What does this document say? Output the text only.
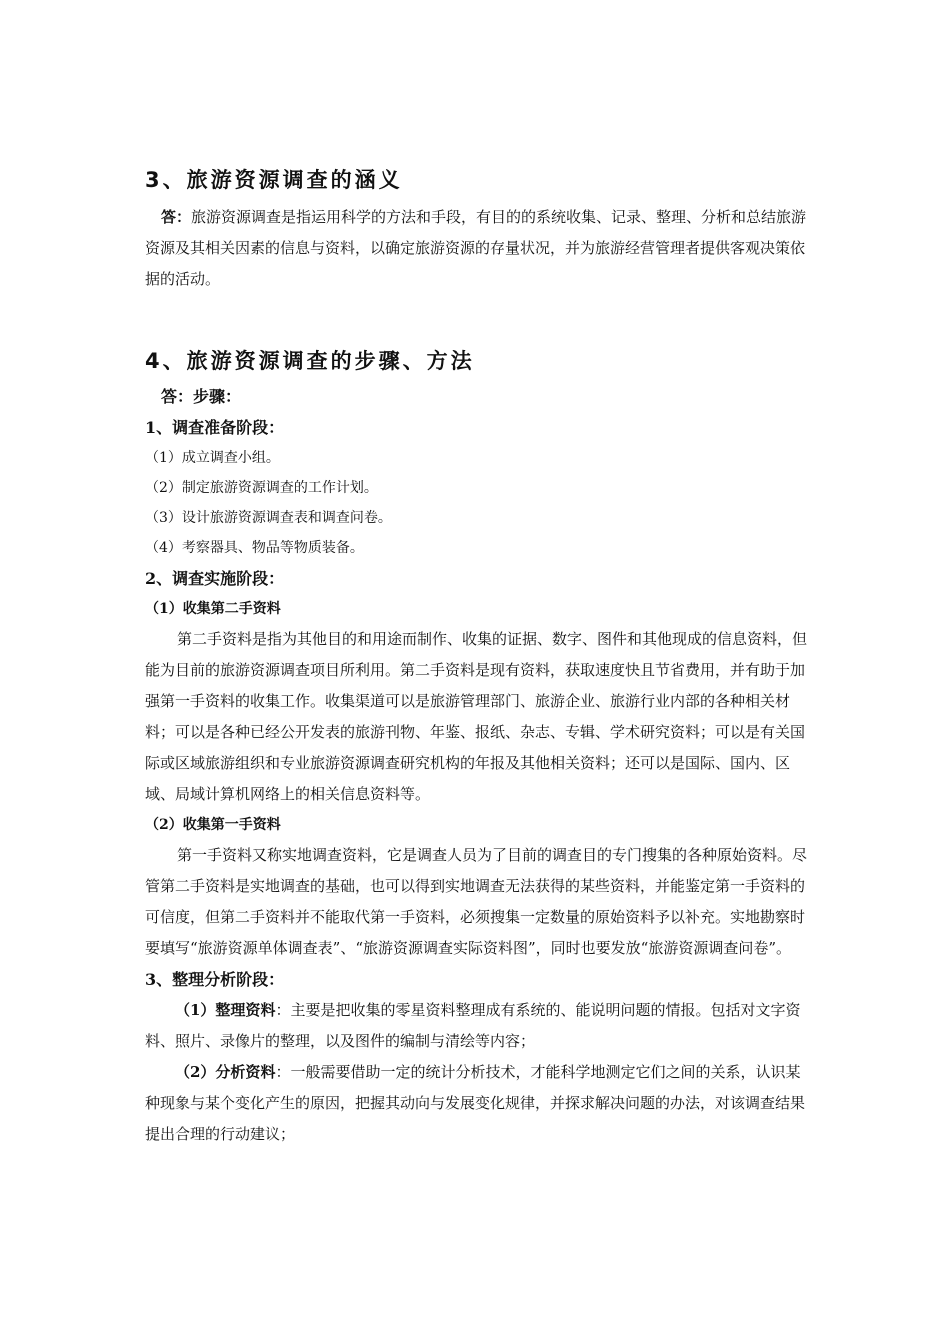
3、旅游资源调查的涵义

答：旅游资源调查是指运用科学的方法和手段，有目的的系统收集、记录、整理、分析和总结旅游资源及其相关因素的信息与资料，以确定旅游资源的存量状况，并为旅游经营管理者提供客观决策依据的活动。

4、旅游资源调查的步骤、方法

答：步骤：

1、调查准备阶段：

（1）成立调查小组。

（2）制定旅游资源调查的工作计划。

（3）设计旅游资源调查表和调查问卷。

（4）考察器具、物品等物质装备。

2、调查实施阶段：

（1）收集第二手资料

第二手资料是指为其他目的和用途而制作、收集的证据、数字、图件和其他现成的信息资料，但能为目前的旅游资源调查项目所利用。第二手资料是现有资料，获取速度快且节省费用，并有助于加强第一手资料的收集工作。收集渠道可以是旅游管理部门、旅游企业、旅游行业内部的各种相关材料；可以是各种已经公开发表的旅游刊物、年鉴、报纸、杂志、专辑、学术研究资料；可以是有关国际或区域旅游组织和专业旅游资源调查研究机构的年报及其他相关资料；还可以是国际、国内、区域、局域计算机网络上的相关信息资料等。

（2）收集第一手资料

第一手资料又称实地调查资料，它是调查人员为了目前的调查目的专门搜集的各种原始资料。尽管第二手资料是实地调查的基础，也可以得到实地调查无法获得的某些资料，并能鉴定第一手资料的可信度，但第二手资料并不能取代第一手资料，必须搜集一定数量的原始资料予以补充。实地勘察时要填写“旅游资源单体调查表”、“旅游资源调查实际资料图”，同时也要发放“旅游资源调查问卷”。

3、整理分析阶段：

（1）整理资料：主要是把收集的零星资料整理成有系统的、能说明问题的情报。包括对文字资料、照片、录像片的整理，以及图件的编制与清绘等内容；

（2）分析资料：一般需要借助一定的统计分析技术，才能科学地测定它们之间的关系，认识某种现象与某个变化产生的原因，把握其动向与发展变化规律，并探求解决问题的办法，对该调查结果提出合理的行动建议；
